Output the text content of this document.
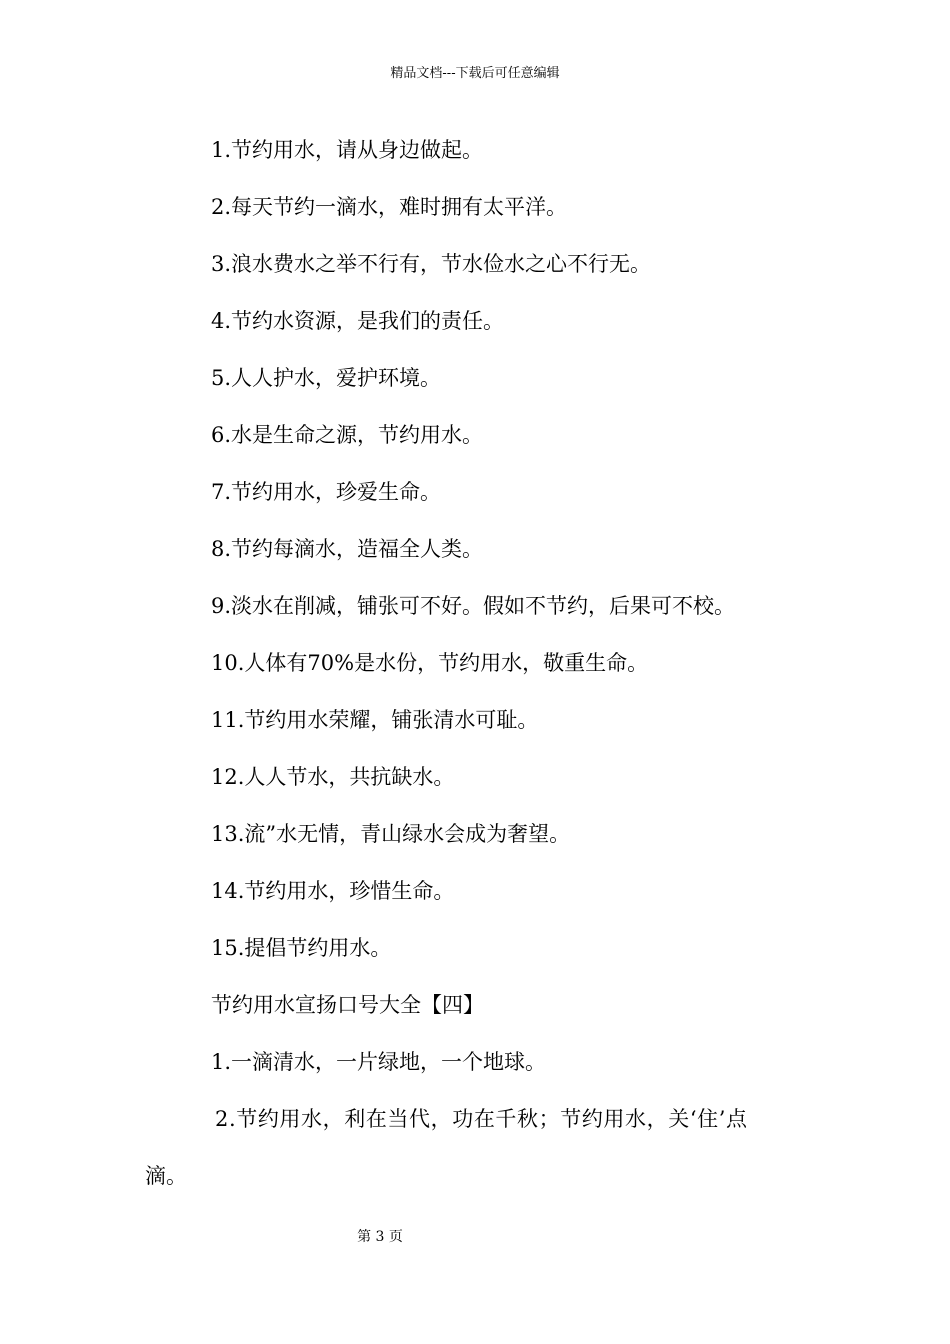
精品文档---下载后可任意编辑
1.节约用水，请从身边做起。
2.每天节约一滴水，难时拥有太平洋。
3.浪水费水之举不行有，节水俭水之心不行无。
4.节约水资源，是我们的责任。
5.人人护水，爱护环境。
6.水是生命之源，节约用水。
7.节约用水，珍爱生命。
8.节约每滴水，造福全人类。
9.淡水在削减，铺张可不好。假如不节约，后果可不校。
10.人体有70%是水份，节约用水，敬重生命。
11.节约用水荣耀，铺张清水可耻。
12.人人节水，共抗缺水。
13.流”水无情，青山绿水会成为奢望。
14.节约用水，珍惜生命。
15.提倡节约用水。
节约用水宣扬口号大全【四】
1.一滴清水，一片绿地，一个地球。
2.节约用水，利在当代，功在千秋；节约用水，关‘住’点
滴。
第 3 页
